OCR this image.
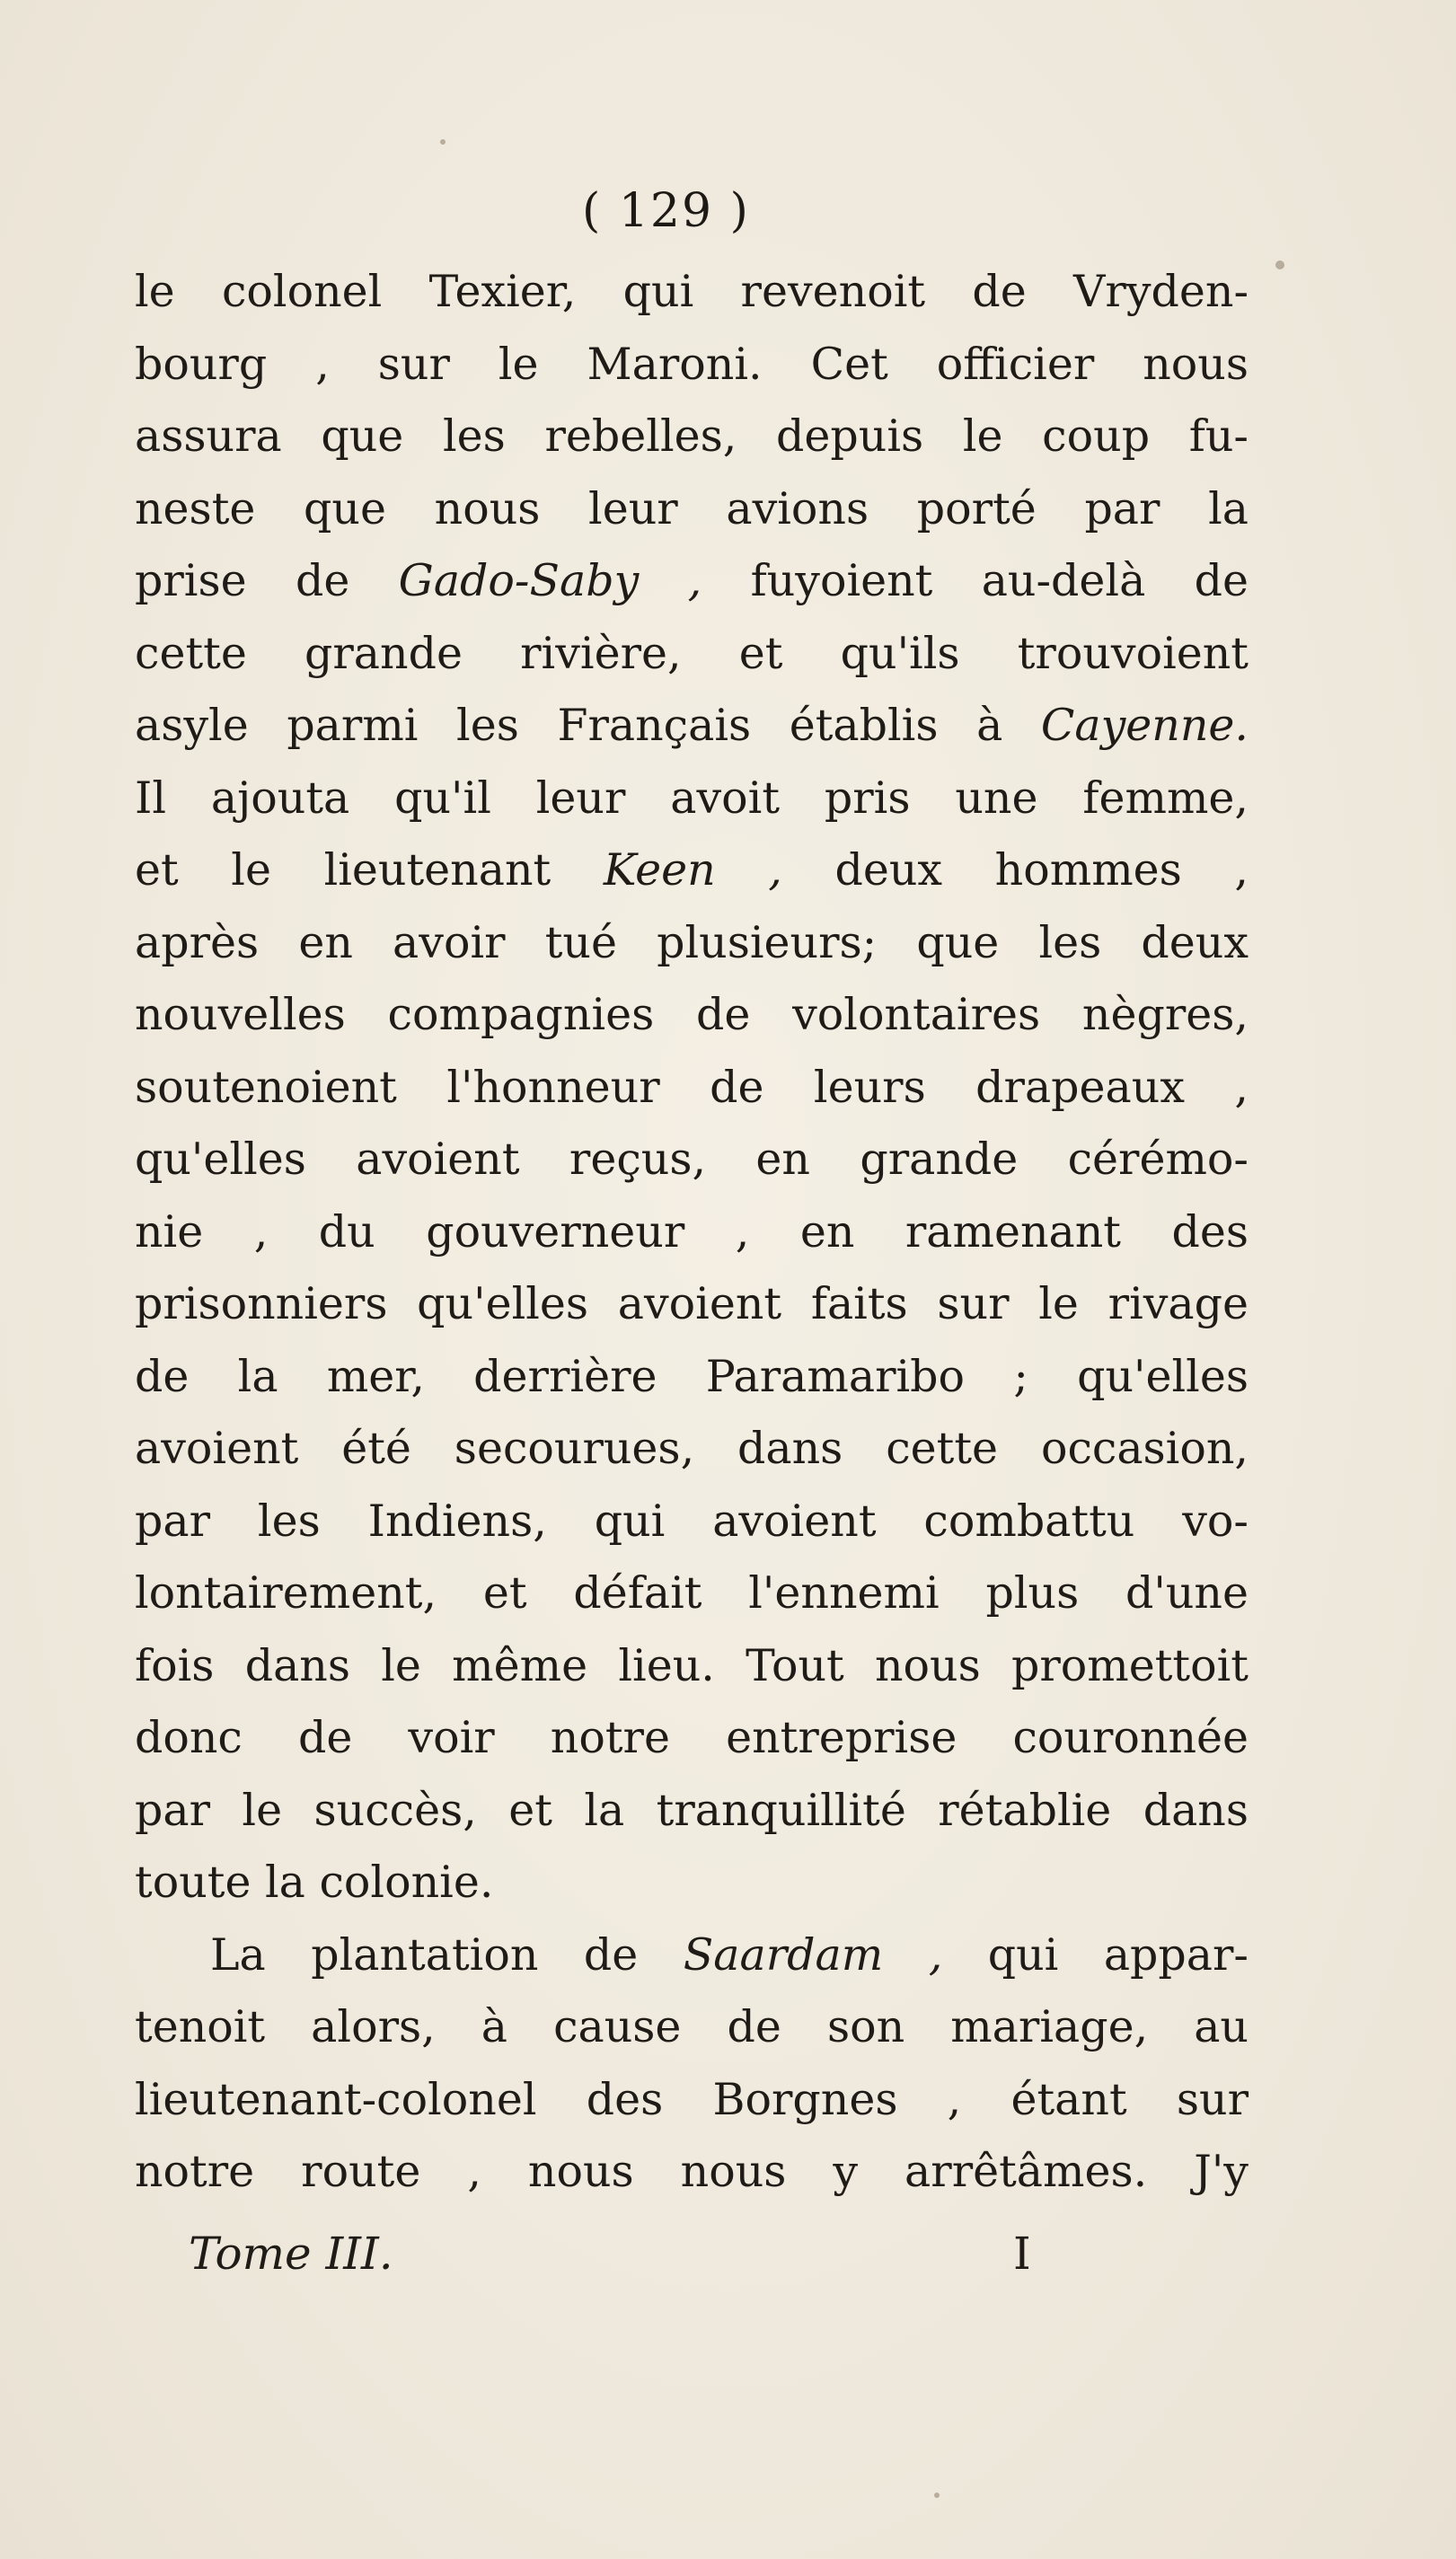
( 129 )
le colonel Texier, qui revenoit de Vryden-
bourg , sur le Maroni. Cet officier nous
assura que les rebelles, depuis le coup fu-
neste que nous leur avions porté par la
prise de Gado-Saby , fuyoient au-delà de
cette grande rivière, et qu'ils trouvoient
asyle parmi les Français établis à Cayenne.
Il ajouta qu'il leur avoit pris une femme,
et le lieutenant Keen , deux hommes ,
après en avoir tué plusieurs; que les deux
nouvelles compagnies de volontaires nègres,
soutenoient l'honneur de leurs drapeaux ,
qu'elles avoient reçus, en grande cérémo-
nie , du gouverneur , en ramenant des
prisonniers qu'elles avoient faits sur le rivage
de la mer, derrière Paramaribo ; qu'elles
avoient été secourues, dans cette occasion,
par les Indiens, qui avoient combattu vo-
lontairement, et défait l'ennemi plus d'une
fois dans le même lieu. Tout nous promettoit
donc de voir notre entreprise couronnée
par le succès, et la tranquillité rétablie dans
toute la colonie.
La plantation de Saardam , qui appar-
tenoit alors, à cause de son mariage, au
lieutenant-colonel des Borgnes , étant sur
notre route , nous nous y arrêtâmes. J'y
Tome III.	I
